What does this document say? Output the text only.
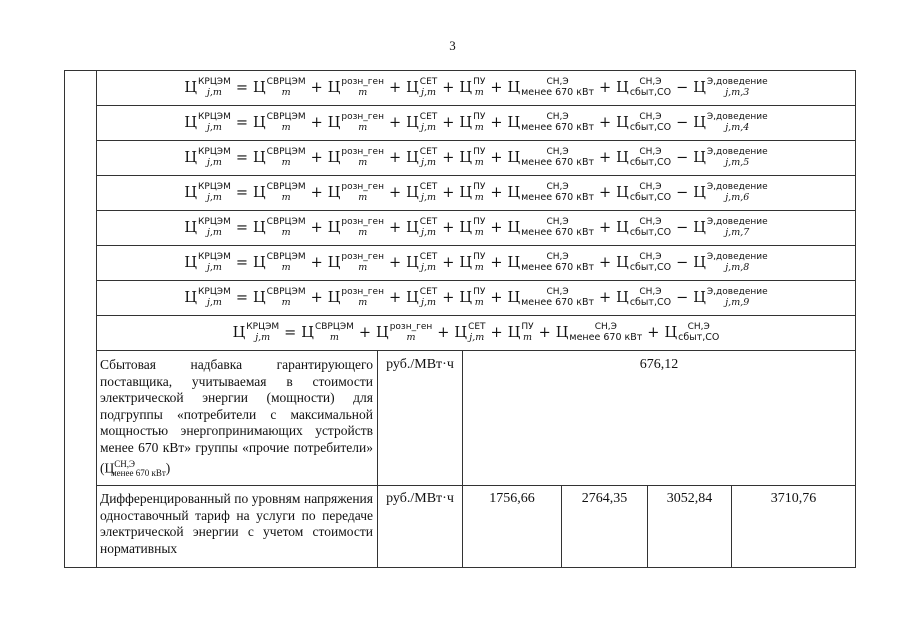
3
Ц КРЦЭМ
j,m = Ц СВРЦЭМ
m	+ Ц розн_ген
m	+ Ц СЕТ
j,m + Ц ПУ
m + Ц	СН,Э
менее 670 кВт + Ц	СН,Э
сбыт,СО − Ц Э,доведение
j,m,3
Ц КРЦЭМ
j,m = Ц СВРЦЭМ
m	+ Ц розн_ген
m	+ Ц СЕТ
j,m + Ц ПУ
m + Ц	СН,Э
менее 670 кВт + Ц	СН,Э
сбыт,СО − Ц Э,доведение
j,m,4
Ц КРЦЭМ
j,m = Ц СВРЦЭМ
m	+ Ц розн_ген
m	+ Ц СЕТ
j,m + Ц ПУ
m + Ц	СН,Э
менее 670 кВт + Ц	СН,Э
сбыт,СО − Ц Э,доведение
j,m,5
Ц КРЦЭМ
j,m = Ц СВРЦЭМ
m	+ Ц розн_ген
m	+ Ц СЕТ
j,m + Ц ПУ
m + Ц	СН,Э
менее 670 кВт + Ц	СН,Э
сбыт,СО − Ц Э,доведение
j,m,6
Ц КРЦЭМ
j,m = Ц СВРЦЭМ
m	+ Ц розн_ген
m	+ Ц СЕТ
j,m + Ц ПУ
m + Ц	СН,Э
менее 670 кВт + Ц	СН,Э
сбыт,СО − Ц Э,доведение
j,m,7
Ц КРЦЭМ
j,m = Ц СВРЦЭМ
m	+ Ц розн_ген
m	+ Ц СЕТ
j,m + Ц ПУ
m + Ц	СН,Э
менее 670 кВт + Ц	СН,Э
сбыт,СО − Ц Э,доведение
j,m,8
Ц КРЦЭМ
j,m = Ц СВРЦЭМ
m	+ Ц розн_ген
m	+ Ц СЕТ
j,m + Ц ПУ
m + Ц	СН,Э
менее 670 кВт + Ц	СН,Э
сбыт,СО − Ц Э,доведение
j,m,9
Ц КРЦЭМ
j,m = Ц СВРЦЭМ
m	+ Ц розн_ген
m	+ Ц СЕТ
j,m + Ц ПУ
m + Ц	СН,Э
менее 670 кВт + Ц	СН,Э
сбыт,СО
Сбытовая надбавка гарантирующего поставщика, учитываемая в стоимости электрической энергии (мощности) для подгруппы «потребители с максимальной мощностью энергопринимающих устройств менее 670 кВт» группы «прочие потребители» $(Ц^{СН,Э}_{менее 670 кВт})$
руб./МВт·ч	676,12
Дифференцированный по уровням напряжения одноставочный тариф на услуги по передаче электрической энергии с учетом стоимости нормативных
руб./МВт·ч	1756,66	2764,35	3052,84	3710,76
